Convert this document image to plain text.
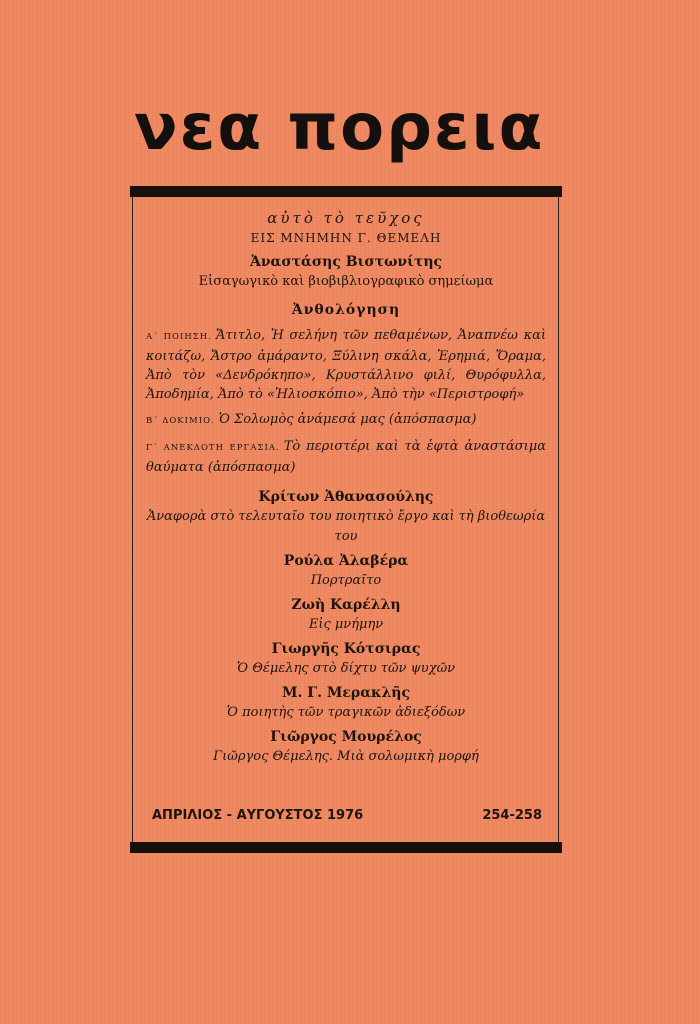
νεα πορεια

αὐτὸ τὸ τεῦχος

ΕΙΣ ΜΝΗΜΗΝ Γ. ΘΕΜΕΛΗ

Ἀναστάσης Βιστωνίτης

Εἰσαγωγικὸ καὶ βιοβιβλιογραφικὸ σημείωμα

Ἀνθολόγηση

Α΄ ΠΟΙΗΣΗ. Ἄτιτλο, Ἡ σελήνη τῶν πεθαμένων, Ἀναπνέω καὶ κοιτάζω, Ἄστρο ἀμάραντο, Ξύλινη σκάλα, Ἐρημιά, Ὅραμα, Ἀπὸ τὸν «Δενδρόκηπο», Κρυστάλλινο φιλί, Θυρόφυλλα, Ἀποδημία, Ἀπὸ τὸ «Ἡλιοσκόπιο», Ἀπὸ τὴν «Περιστροφή»

Β΄ ΔΟΚΙΜΙΟ. Ὁ Σολωμὸς ἀνάμεσά μας (ἀπόσπασμα)

Γ΄ ΑΝΕΚΔΟΤΗ ΕΡΓΑΣΙΑ. Τὸ περιστέρι καὶ τὰ ἑφτὰ ἀναστάσιμα θαύματα (ἀπόσπασμα)

Κρίτων Ἀθανασούλης

Ἀναφορὰ στὸ τελευταῖο του ποιητικὸ ἔργο καὶ τὴ βιοθεωρία του

Ρούλα Ἀλαβέρα

Πορτραῖτο

Ζωὴ Καρέλλη

Εἰς μνήμην

Γιωργῆς Κότσιρας

Ὁ Θέμελης στὸ δίχτυ τῶν ψυχῶν

Μ. Γ. Μερακλῆς

Ὁ ποιητὴς τῶν τραγικῶν ἀδιεξόδων

Γιῶργος Μουρέλος

Γιῶργος Θέμελης. Μιὰ σολωμικὴ μορφή

ΑΠΡΙΛΙΟΣ - ΑΥΓΟΥΣΤΟΣ 1976	254-258
